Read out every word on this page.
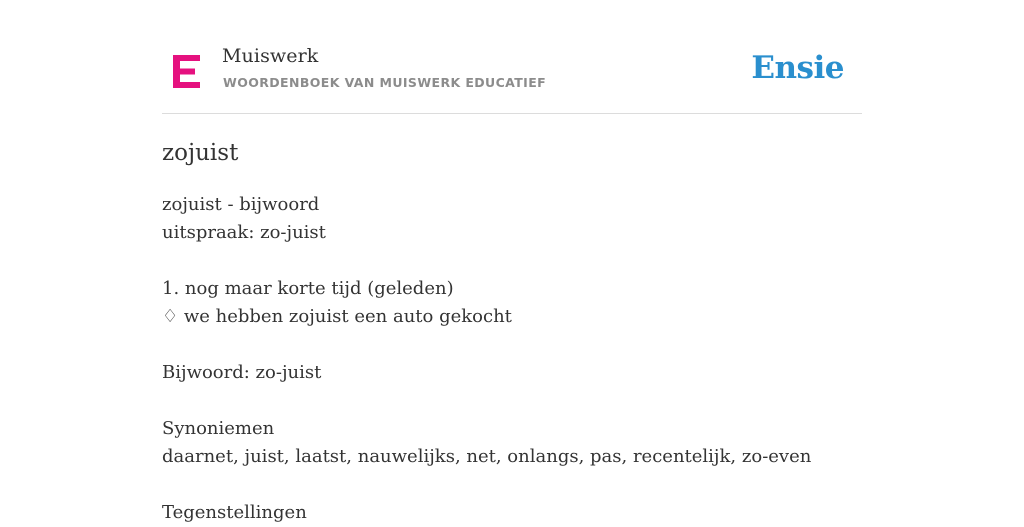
Muiswerk
WOORDENBOEK VAN MUISWERK EDUCATIEF	Ensie
zojuist
zojuist - bijwoord
uitspraak: zo-juist
1. nog maar korte tijd (geleden)
♢ we hebben zojuist een auto gekocht
Bijwoord: zo-juist
Synoniemen
daarnet, juist, laatst, nauwelijks, net, onlangs, pas, recentelijk, zo-even
Tegenstellingen
